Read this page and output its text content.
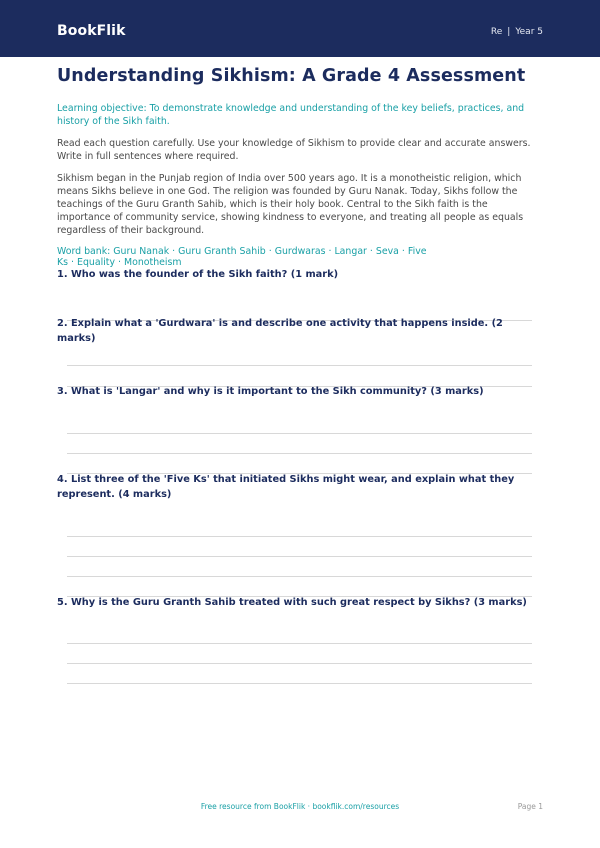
BookFlik	Re | Year 5
Understanding Sikhism: A Grade 4 Assessment
Learning objective: To demonstrate knowledge and understanding of the key beliefs, practices, and history of the Sikh faith.
Read each question carefully. Use your knowledge of Sikhism to provide clear and accurate answers. Write in full sentences where required.
Sikhism began in the Punjab region of India over 500 years ago. It is a monotheistic religion, which means Sikhs believe in one God. The religion was founded by Guru Nanak. Today, Sikhs follow the teachings of the Guru Granth Sahib, which is their holy book. Central to the Sikh faith is the importance of community service, showing kindness to everyone, and treating all people as equals regardless of their background.
Word bank: Guru Nanak · Guru Granth Sahib · Gurdwaras · Langar · Seva · Five Ks · Equality · Monotheism
1. Who was the founder of the Sikh faith? (1 mark)
2. Explain what a 'Gurdwara' is and describe one activity that happens inside. (2 marks)
3. What is 'Langar' and why is it important to the Sikh community? (3 marks)
4. List three of the 'Five Ks' that initiated Sikhs might wear, and explain what they represent. (4 marks)
5. Why is the Guru Granth Sahib treated with such great respect by Sikhs? (3 marks)
Free resource from BookFlik · bookflik.com/resources	Page 1
